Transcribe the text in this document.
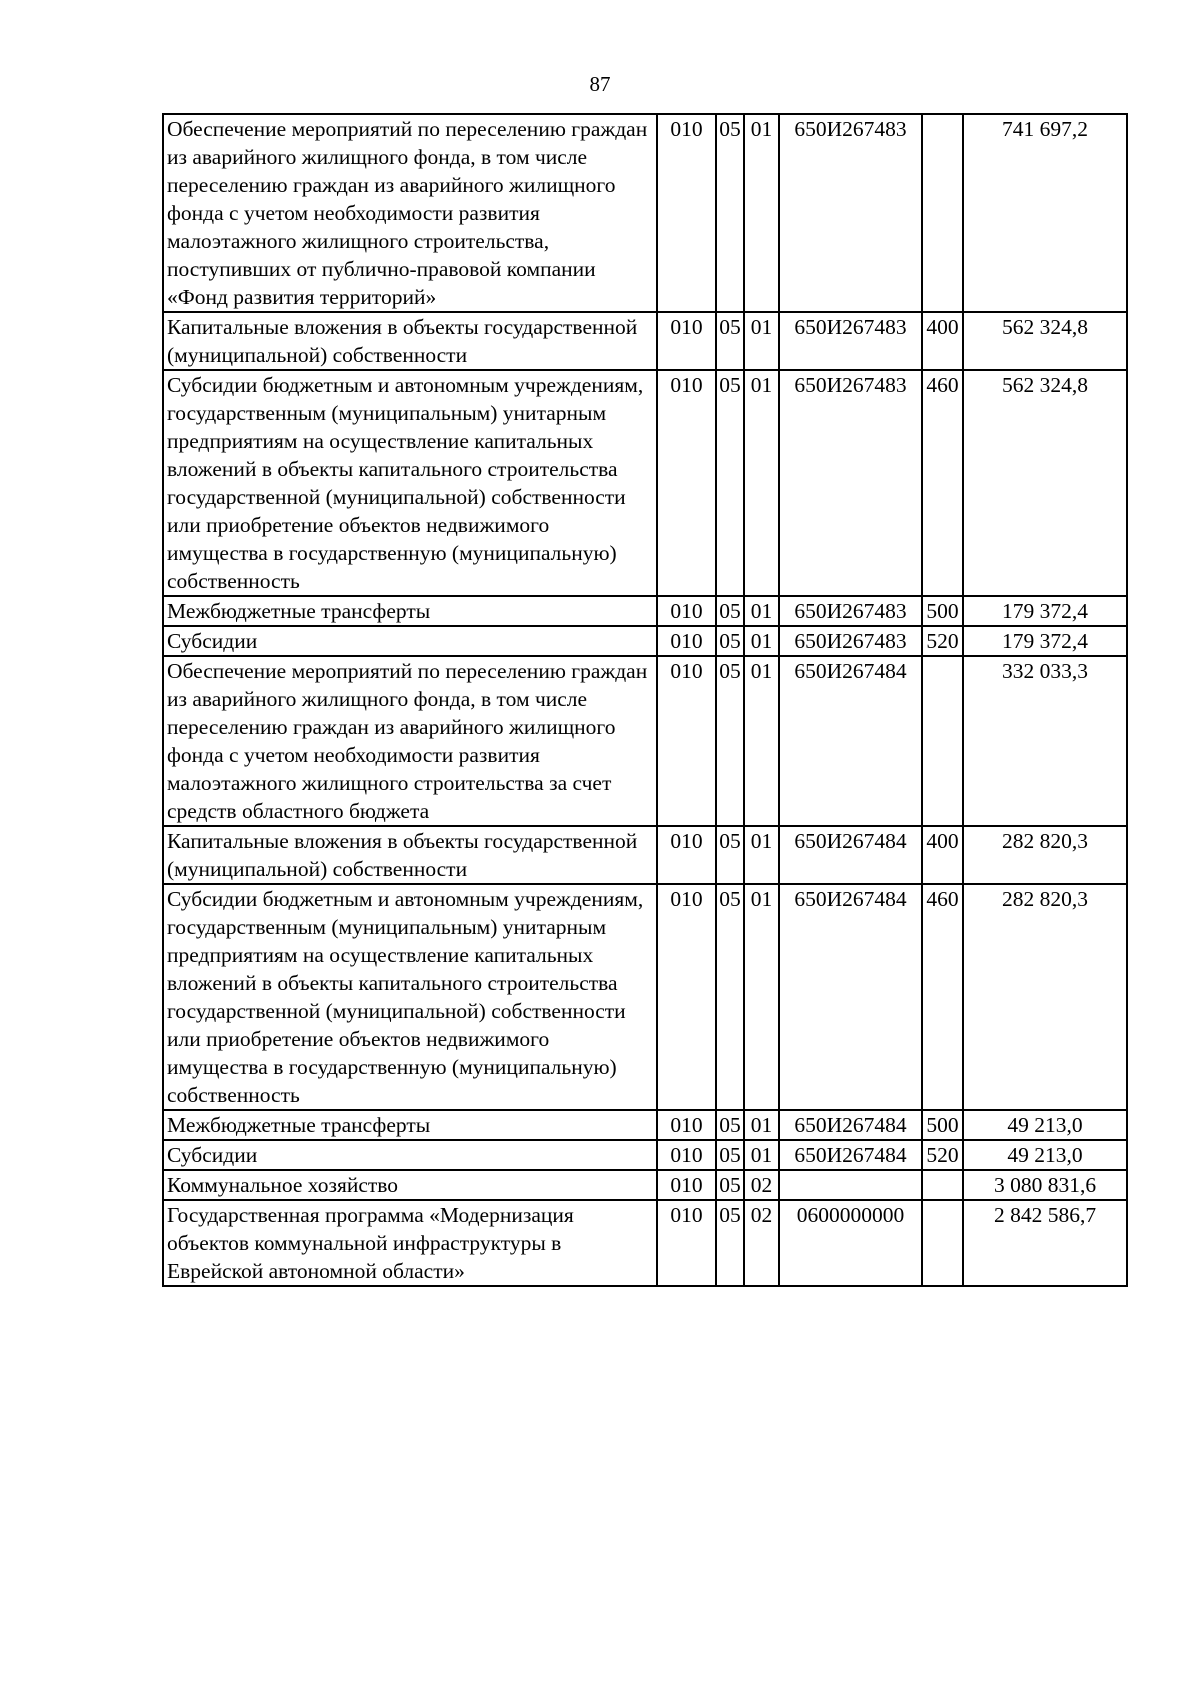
87
Обеспечение мероприятий по переселению граждан из аварийного жилищного фонда, в том числе переселению граждан из аварийного жилищного фонда с учетом необходимости развития малоэтажного жилищного строительства, поступивших от публично-правовой компании «Фонд развития территорий»	010	05	01	650И267483		741 697,2
Капитальные вложения в объекты государственной (муниципальной) собственности	010	05	01	650И267483	400	562 324,8
Субсидии бюджетным и автономным учреждениям, государственным (муниципальным) унитарным предприятиям на осуществление капитальных вложений в объекты капитального строительства государственной (муниципальной) собственности или приобретение объектов недвижимого имущества в государственную (муниципальную) собственность	010	05	01	650И267483	460	562 324,8
Межбюджетные трансферты	010	05	01	650И267483	500	179 372,4
Субсидии	010	05	01	650И267483	520	179 372,4
Обеспечение мероприятий по переселению граждан из аварийного жилищного фонда, в том числе переселению граждан из аварийного жилищного фонда с учетом необходимости развития малоэтажного жилищного строительства за счет средств областного бюджета	010	05	01	650И267484		332 033,3
Капитальные вложения в объекты государственной (муниципальной) собственности	010	05	01	650И267484	400	282 820,3
Субсидии бюджетным и автономным учреждениям, государственным (муниципальным) унитарным предприятиям на осуществление капитальных вложений в объекты капитального строительства государственной (муниципальной) собственности или приобретение объектов недвижимого имущества в государственную (муниципальную) собственность	010	05	01	650И267484	460	282 820,3
Межбюджетные трансферты	010	05	01	650И267484	500	49 213,0
Субсидии	010	05	01	650И267484	520	49 213,0
Коммунальное хозяйство	010	05	02			3 080 831,6
Государственная программа «Модернизация объектов коммунальной инфраструктуры в Еврейской автономной области»	010	05	02	0600000000		2 842 586,7
